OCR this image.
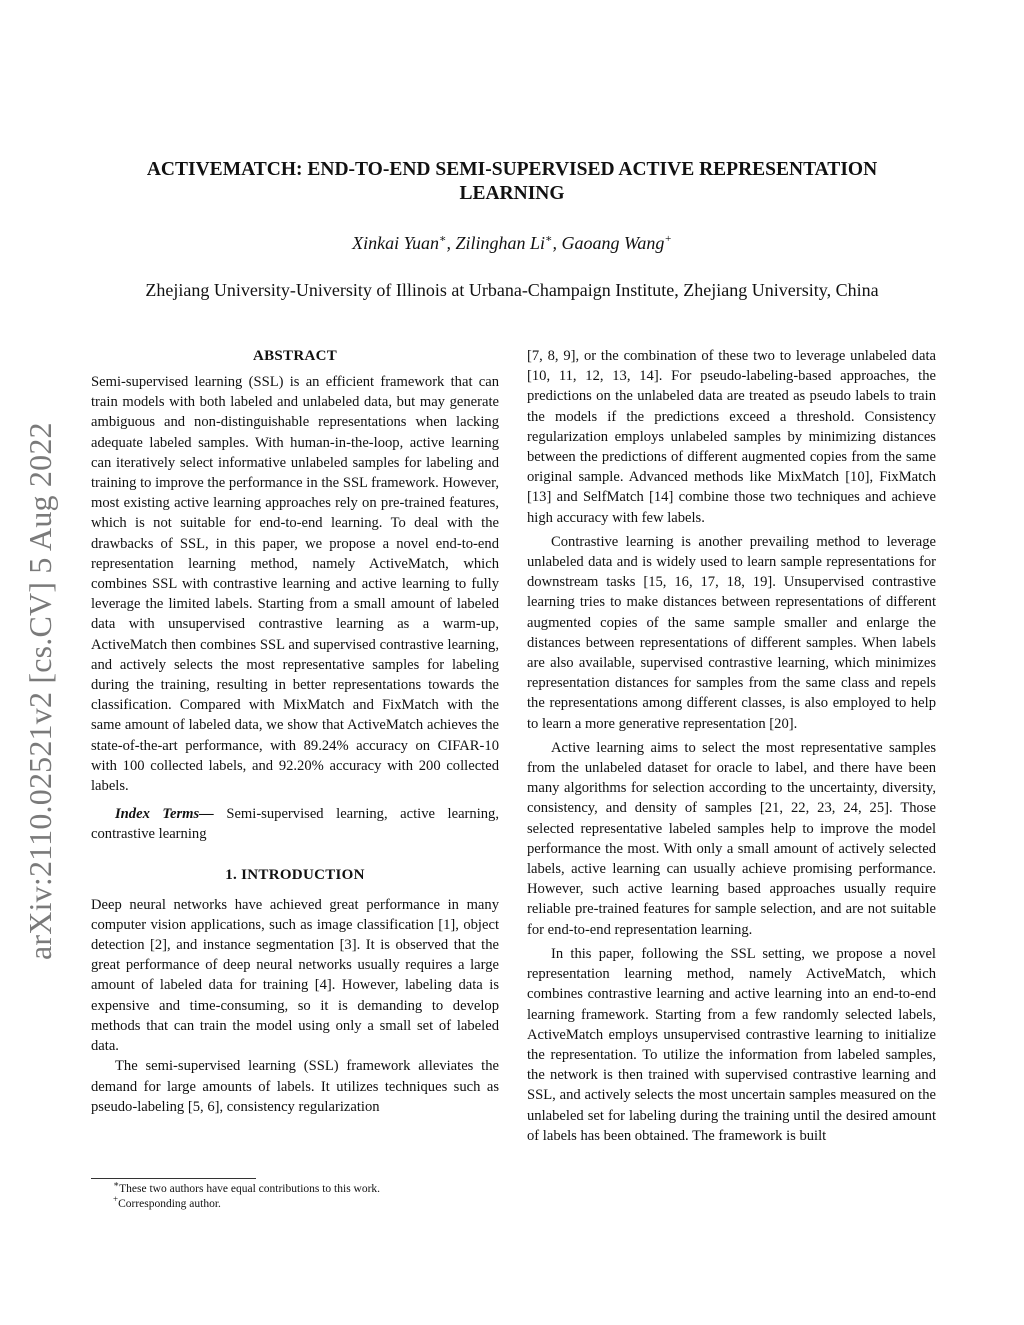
arXiv:2110.02521v2 [cs.CV] 5 Aug 2022
ACTIVEMATCH: END-TO-END SEMI-SUPERVISED ACTIVE REPRESENTATION
LEARNING
Xinkai Yuan∗, Zilinghan Li∗, Gaoang Wang+
Zhejiang University-University of Illinois at Urbana-Champaign Institute, Zhejiang University, China
ABSTRACT

Semi-supervised learning (SSL) is an efficient framework that can train models with both labeled and unlabeled data, but may generate ambiguous and non-distinguishable representations when lacking adequate labeled samples. With human-in-the-loop, active learning can iteratively select informative unlabeled samples for labeling and training to improve the performance in the SSL framework. However, most existing active learning approaches rely on pre-trained features, which is not suitable for end-to-end learning. To deal with the drawbacks of SSL, in this paper, we propose a novel end-to-end representation learning method, namely ActiveMatch, which combines SSL with contrastive learning and active learning to fully leverage the limited labels. Starting from a small amount of labeled data with unsupervised contrastive learning as a warm-up, ActiveMatch then combines SSL and supervised contrastive learning, and actively selects the most representative samples for labeling during the training, resulting in better representations towards the classification. Compared with MixMatch and FixMatch with the same amount of labeled data, we show that ActiveMatch achieves the state-of-the-art performance, with 89.24% accuracy on CIFAR-10 with 100 collected labels, and 92.20% accuracy with 200 collected labels.

Index Terms— Semi-supervised learning, active learning, contrastive learning

1. INTRODUCTION

Deep neural networks have achieved great performance in many computer vision applications, such as image classification [1], object detection [2], and instance segmentation [3]. It is observed that the great performance of deep neural networks usually requires a large amount of labeled data for training [4]. However, labeling data is expensive and time-consuming, so it is demanding to develop methods that can train the model using only a small set of labeled data.

The semi-supervised learning (SSL) framework alleviates the demand for large amounts of labels. It utilizes techniques such as pseudo-labeling [5, 6], consistency regularization

[7, 8, 9], or the combination of these two to leverage unlabeled data [10, 11, 12, 13, 14]. For pseudo-labeling-based approaches, the predictions on the unlabeled data are treated as pseudo labels to train the models if the predictions exceed a threshold. Consistency regularization employs unlabeled samples by minimizing distances between the predictions of different augmented copies from the same original sample. Advanced methods like MixMatch [10], FixMatch [13] and SelfMatch [14] combine those two techniques and achieve high accuracy with few labels.

Contrastive learning is another prevailing method to leverage unlabeled data and is widely used to learn sample representations for downstream tasks [15, 16, 17, 18, 19]. Unsupervised contrastive learning tries to make distances between representations of different augmented copies of the same sample smaller and enlarge the distances between representations of different samples. When labels are also available, supervised contrastive learning, which minimizes representation distances for samples from the same class and repels the representations among different classes, is also employed to help to learn a more generative representation [20].

Active learning aims to select the most representative samples from the unlabeled dataset for oracle to label, and there have been many algorithms for selection according to the uncertainty, diversity, consistency, and density of samples [21, 22, 23, 24, 25]. Those selected representative labeled samples help to improve the model performance the most. With only a small amount of actively selected labels, active learning can usually achieve promising performance. However, such active learning based approaches usually require reliable pre-trained features for sample selection, and are not suitable for end-to-end representation learning.

In this paper, following the SSL setting, we propose a novel representation learning method, namely ActiveMatch, which combines contrastive learning and active learning into an end-to-end learning framework. Starting from a few randomly selected labels, ActiveMatch employs unsupervised contrastive learning to initialize the representation. To utilize the information from labeled samples, the network is then trained with supervised contrastive learning and SSL, and actively selects the most uncertain samples measured on the unlabeled set for labeling during the training until the desired amount of labels has been obtained. The framework is built

∗These two authors have equal contributions to this work.
+Corresponding author.
